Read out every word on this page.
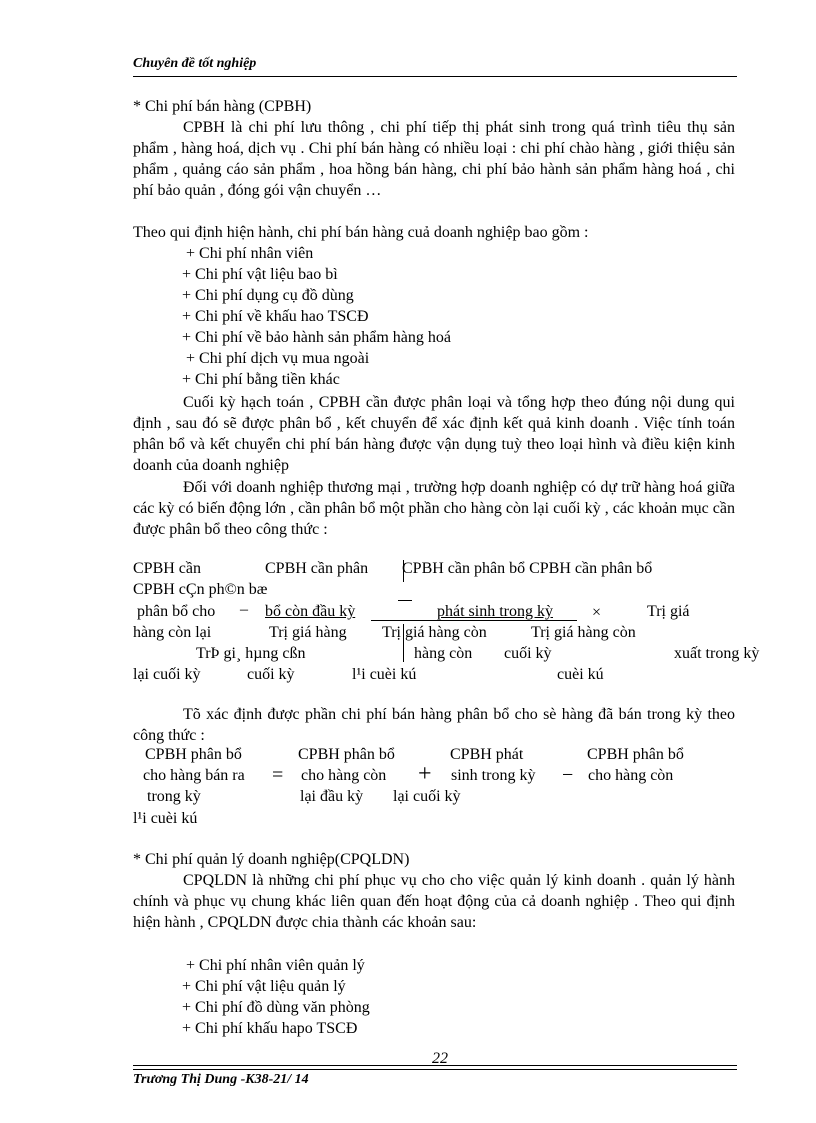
Chuyên đề tốt nghiệp
* Chi phí bán hàng (CPBH)
CPBH là chi phí lưu thông , chi phí tiếp thị phát sinh trong quá trình tiêu thụ sản phẩm , hàng hoá, dịch vụ . Chi phí bán hàng có nhiều loại : chi phí chào hàng , giới thiệu sản phẩm , quảng cáo sản phẩm , hoa hồng bán hàng, chi phí bảo hành sản phẩm hàng hoá , chi phí bảo quản , đóng gói vận chuyển …
Theo qui định hiện hành, chi phí bán hàng cuả doanh nghiệp bao gồm :
+ Chi phí nhân viên
+ Chi phí vật liệu bao bì
+ Chi phí dụng cụ đồ dùng
+ Chi phí về khấu hao TSCĐ
+ Chi phí về bảo hành sản phẩm hàng hoá
+ Chi phí dịch vụ mua ngoài
+ Chi phí bằng tiền khác
Cuối kỳ hạch toán , CPBH cần được phân loại và tổng hợp theo đúng nội dung qui định , sau đó sẽ được phân bổ , kết chuyển để xác định kết quả kinh doanh . Việc tính toán phân bổ và kết chuyển chi phí bán hàng được vận dụng tuỳ theo loại hình và điều kiện kinh doanh của doanh nghiệp
Đối với doanh nghiệp thương mại , trường hợp doanh nghiệp có dự trữ hàng hoá giữa các kỳ có biến động lớn , cần phân bổ một phần cho hàng còn lại cuối kỳ , các khoản mục cần được phân bổ theo công thức :
CPBH cần	CPBH cần phân CPBH cần phân bổ CPBH cần phân bổ
CPBH cÇn ph©n bæ
phân bổ cho – bổ còn đầu kỳ	phát sinh trong kỳ ×	Trị giá
hàng còn lại	Trị giá hàng Trị giá hàng còn	Trị giá hàng còn
TrÞ gi¸ hµng cßn	hàng còn cuối kỳ	xuất trong kỳ
lại cuối kỳ	cuối kỳ	l¹i cuèi kú	cuèi kú
Tõ xác định được phần chi phí bán hàng phân bổ cho sè hàng đã bán trong kỳ theo công thức :
CPBH phân bổ
cho hàng bán ra
trong kỳ
=
CPBH phân bổ
cho hàng còn
lại đầu kỳ
+
CPBH phát
sinh trong kỳ
lại cuối kỳ
−
CPBH phân bổ
cho hàng còn
l¹i cuèi kú
* Chi phí quản lý doanh nghiệp(CPQLDN)
CPQLDN là những chi phí phục vụ cho cho việc quản lý kinh doanh . quản lý hành chính và phục vụ chung khác liên quan đến hoạt động của cả doanh nghiệp . Theo qui định hiện hành , CPQLDN được chia thành các khoản sau:
+ Chi phí nhân viên quản lý
+ Chi phí vật liệu quản lý
+ Chi phí đồ dùng văn phòng
+ Chi phí khấu hapo TSCĐ
22
Trương Thị Dung -K38-21/ 14
